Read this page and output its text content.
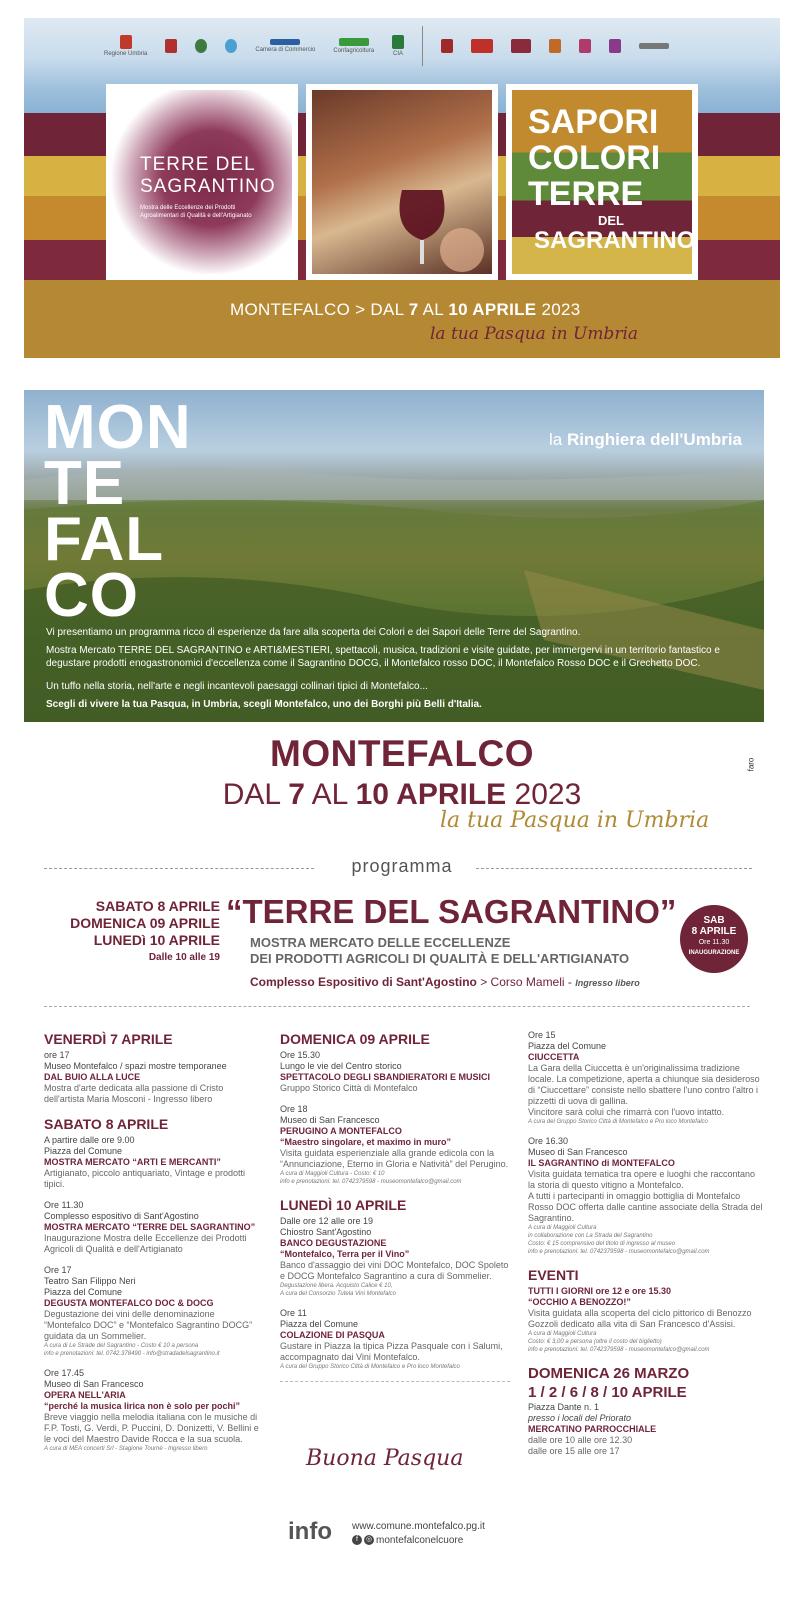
Regione Umbria
Camera di Commercio	Confagricoltura	CIA
TERRE DEL
SAGRANTINO
Mostra delle Eccellenze dei Prodotti Agroalimentari di Qualità e dell'Artigianato
SAPORI
COLORI
TERRE
DEL
SAGRANTINO
MONTEFALCO > DAL 7 AL 10 APRILE 2023
la tua Pasqua in Umbria
MON
TE
FAL
CO
la Ringhiera dell'Umbria
Vi presentiamo un programma ricco di esperienze da fare alla scoperta dei Colori e dei Sapori delle Terre del Sagrantino.
Mostra Mercato TERRE DEL SAGRANTINO e ARTI&MESTIERI, spettacoli, musica, tradizioni e visite guidate, per immergervi in un territorio fantastico e degustare prodotti enogastronomici d'eccellenza come il Sagrantino DOCG, il Montefalco rosso DOC, il Montefalco Rosso DOC e il Grechetto DOC.
Un tuffo nella storia, nell'arte e negli incantevoli paesaggi collinari tipici di Montefalco...
Scegli di vivere la tua Pasqua, in Umbria, scegli Montefalco, uno dei Borghi più Belli d'Italia.
MONTEFALCO
DAL 7 AL 10 APRILE 2023
la tua Pasqua in Umbria
faro
programma
SABATO 8 APRILE
DOMENICA 09 APRILE
LUNEDì 10 APRILE
Dalle 10 alle 19
“TERRE DEL SAGRANTINO”
MOSTRA MERCATO DELLE ECCELLENZE
DEI PRODOTTI AGRICOLI DI QUALITÀ E DELL'ARTIGIANATO
Complesso Espositivo di Sant'Agostino > Corso Mameli - Ingresso libero
SAB
8 APRILE
Ore 11.30
INAUGURAZIONE
VENERDÌ 7 APRILE
ore 17
Museo Montefalco / spazi mostre temporanee
DAL BUIO ALLA LUCE
Mostra d'arte dedicata alla passione di Cristo dell'artista Maria Mosconi - Ingresso libero
SABATO 8 APRILE
A partire dalle ore 9.00
Piazza del Comune
MOSTRA MERCATO “ARTI E MERCANTI”
Artigianato, piccolo antiquariato, Vintage e prodotti tipici.
Ore 11.30
Complesso espositivo di Sant'Agostino
MOSTRA MERCATO “TERRE DEL SAGRANTINO”
Inaugurazione Mostra delle Eccellenze dei Prodotti Agricoli di Qualità e dell'Artigianato
Ore 17
Teatro San Filippo Neri
Piazza del Comune
DEGUSTA MONTEFALCO DOC & DOCG
Degustazione dei vini delle denominazione “Montefalco DOC” e “Montefalco Sagrantino DOCG” guidata da un Sommelier.
A cura di Le Strade del Sagrantino - Costo € 10 a persona
info e prenotazioni: tel. 0742.378490 - info@stradadelsagrantino.it
Ore 17.45
Museo di San Francesco
OPERA NELL'ARIA
“perché la musica lirica non è solo per pochi”
Breve viaggio nella melodia italiana con le musiche di F.P. Tosti, G. Verdi, P. Puccini, D. Donizetti, V. Bellini e le voci del Maestro Davide Rocca e la sua scuola.
A cura di MEA concerti Srl - Stagione Tournè - Ingresso libero
DOMENICA 09 APRILE
Ore 15.30
Lungo le vie del Centro storico
SPETTACOLO DEGLI SBANDIERATORI E MUSICI
Gruppo Storico Città di Montefalco
Ore 18
Museo di San Francesco
PERUGINO A MONTEFALCO
“Maestro singolare, et maximo in muro”
Visita guidata esperienziale alla grande edicola con la “Annunciazione, Eterno in Gloria e Natività” del Perugino.
A cura di Maggioli Cultura - Costo: € 10
info e prenotazioni: tel. 0742379598 - museomontefalco@gmail.com
LUNEDÌ 10 APRILE
Dalle ore 12 alle ore 19
Chiostro Sant'Agostino
BANCO DEGUSTAZIONE
“Montefalco, Terra per il Vino”
Banco d'assaggio dei vini DOC Montefalco, DOC Spoleto e DOCG Montefalco Sagrantino a cura di Sommelier.
Degustazione libera. Acquisto Calice € 10,
A cura del Consorzio Tutela Vini Montefalco
Ore 11
Piazza del Comune
COLAZIONE DI PASQUA
Gustare in Piazza la tipica Pizza Pasquale con i Salumi, accompagnato dai Vini Montefalco.
A cura del Gruppo Storico Città di Montefalco e Pro loco Montefalco
Buona Pasqua
Ore 15
Piazza del Comune
CIUCCETTA
La Gara della Ciuccetta è un'originalissima tradizione locale. La competizione, aperta a chiunque sia desideroso di “Ciuccettare” consiste nello sbattere l'uno contro l'altro i pizzetti di uova di gallina.
Vincitore sarà colui che rimarrà con l'uovo intatto.
A cura del Gruppo Storico Città di Montefalco e Pro loco Montefalco
Ore 16.30
Museo di San Francesco
IL SAGRANTINO di MONTEFALCO
Visita guidata tematica tra opere e luoghi che raccontano la storia di questo vitigno a Montefalco.
A tutti i partecipanti in omaggio bottiglia di Montefalco Rosso DOC offerta dalle cantine associate della Strada del Sagrantino.
A cura di Maggioli Cultura
in collaborazione con La Strada del Sagrantino
Costo: € 15 comprensivo del titolo di ingresso al museo
info e prenotazioni: tel. 0742379598 - museomontefalco@gmail.com
EVENTI
TUTTI I GIORNI ore 12 e ore 15.30
“OCCHIO A BENOZZO!”
Visita guidata alla scoperta del ciclo pittorico di Benozzo Gozzoli dedicato alla vita di San Francesco d'Assisi.
A cura di Maggioli Cultura
Costo: € 3,00 a persona (oltre il costo del biglietto)
info e prenotazioni: tel. 0742379598 - museomontefalco@gmail.com
DOMENICA 26 MARZO
1 / 2 / 6 / 8 / 10 APRILE
Piazza Dante n. 1
presso i locali del Priorato
MERCATINO PARROCCHIALE
dalle ore 10 alle ore 12.30
dalle ore 15 alle ore 17
info www.comune.montefalco.pg.it
f ◎ montefalconelcuore
